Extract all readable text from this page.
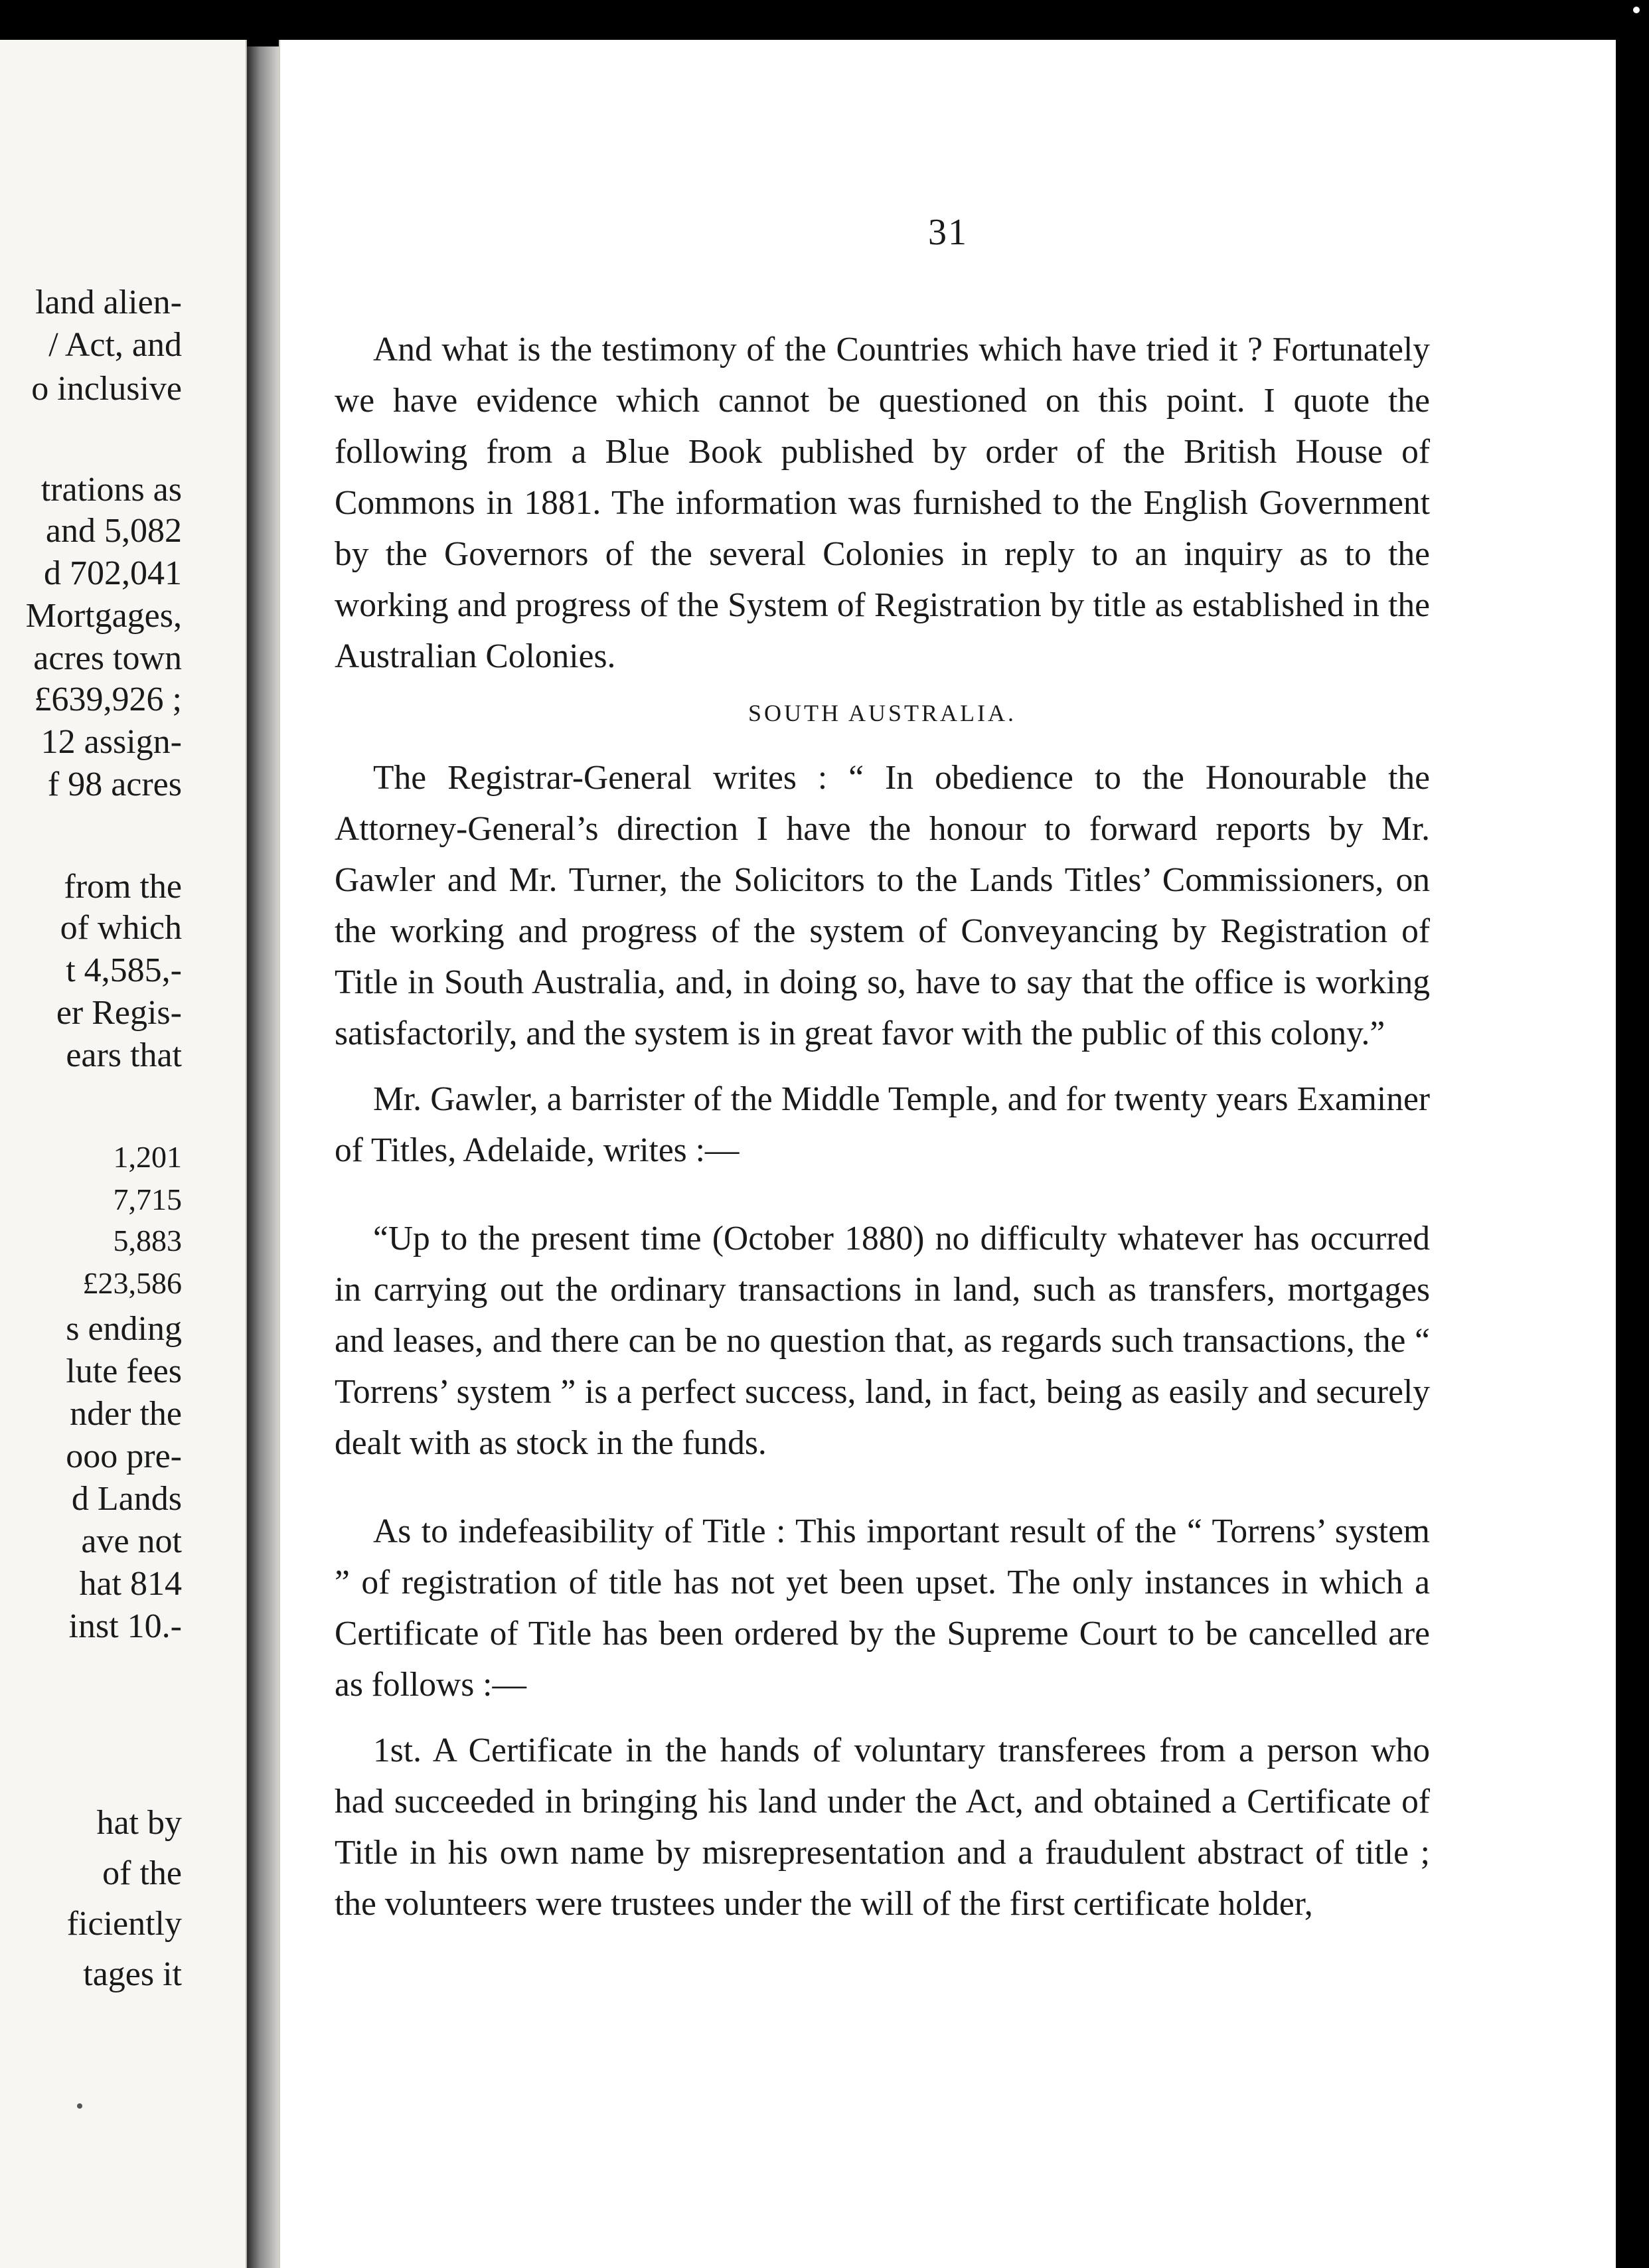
land alien-
/ Act, and
o inclusive
trations as
and 5,082
d 702,041
Mortgages,
acres town
£639,926 ;
12 assign-
f 98 acres
from the
of which
t 4,585,-
er Regis-
ears that
1,201
7,715
5,883
£23,586
s ending
lute fees
nder the
ooo pre-
d Lands
ave not
hat 814
inst 10.-
hat by
of the
ficiently
tages it
31

And what is the testimony of the Countries which have tried it ? Fortunately we have evidence which cannot be questioned on this point. I quote the following from a Blue Book published by order of the British House of Commons in 1881. The information was furnished to the English Government by the Governors of the several Colonies in reply to an inquiry as to the working and progress of the System of Registration by title as established in the Australian Colonies.

SOUTH AUSTRALIA.

The Registrar-General writes : “ In obedience to the Honourable the Attorney-General’s direction I have the honour to forward reports by Mr. Gawler and Mr. Turner, the Solicitors to the Lands Titles’ Commissioners, on the working and progress of the system of Conveyancing by Registration of Title in South Australia, and, in doing so, have to say that the office is working satisfactorily, and the system is in great favor with the public of this colony.”

Mr. Gawler, a barrister of the Middle Temple, and for twenty years Examiner of Titles, Adelaide, writes :—

“Up to the present time (October 1880) no difficulty whatever has occurred in carrying out the ordinary transactions in land, such as transfers, mortgages and leases, and there can be no question that, as regards such transactions, the “ Torrens’ system ” is a perfect success, land, in fact, being as easily and securely dealt with as stock in the funds.

As to indefeasibility of Title : This important result of the “ Torrens’ system ” of registration of title has not yet been upset. The only instances in which a Certificate of Title has been ordered by the Supreme Court to be cancelled are as follows :—

1st. A Certificate in the hands of voluntary transferees from a person who had succeeded in bringing his land under the Act, and obtained a Certificate of Title in his own name by misrepresentation and a fraudulent abstract of title ; the volunteers were trustees under the will of the first certificate holder,
